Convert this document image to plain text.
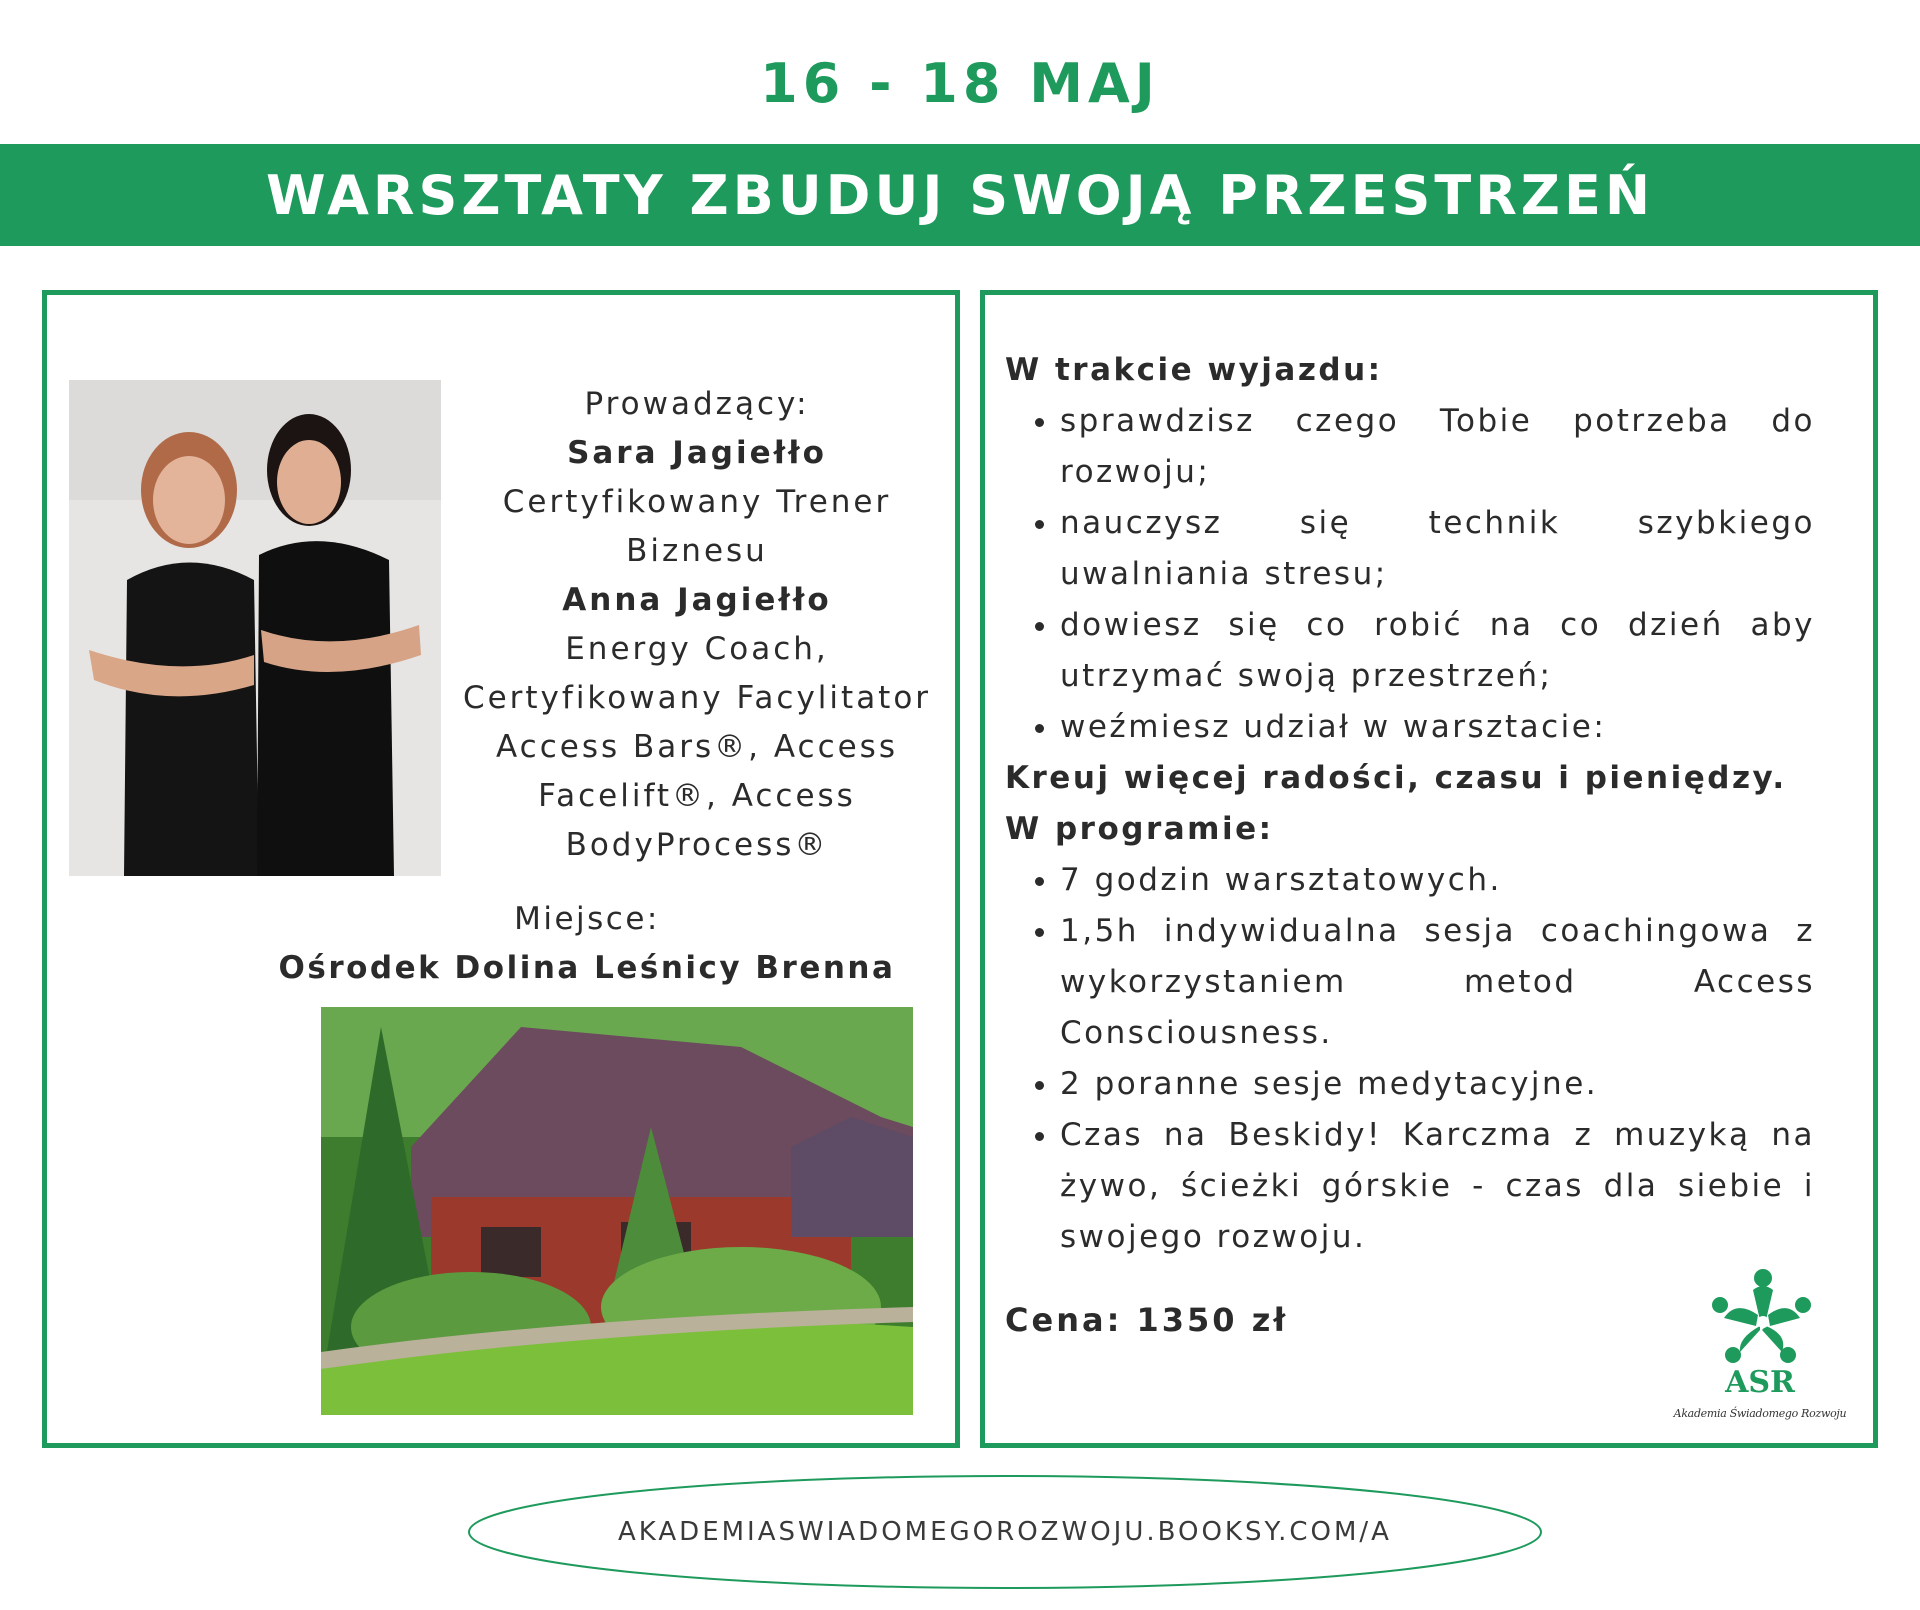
16 - 18 MAJ
WARSZTATY ZBUDUJ SWOJĄ PRZESTRZEŃ
Prowadzący:
Sara Jagiełło
Certyfikowany Trener Biznesu
Anna Jagiełło
Energy Coach, Certyfikowany Facylitator Access Bars®, Access Facelift®, Access BodyProcess®
Miejsce:
Ośrodek Dolina Leśnicy Brenna
W trakcie wyjazdu:
• sprawdzisz czego Tobie potrzeba do rozwoju;
• nauczysz się technik szybkiego uwalniania stresu;
• dowiesz się co robić na co dzień aby utrzymać swoją przestrzeń;
• weźmiesz udział w warsztacie:
Kreuj więcej radości, czasu i pieniędzy.
W programie:
• 7 godzin warsztatowych.
• 1,5h indywidualna sesja coachingowa z wykorzystaniem metod Access Consciousness.
• 2 poranne sesje medytacyjne.
• Czas na Beskidy! Karczma z muzyką na żywo, ścieżki górskie - czas dla siebie i swojego rozwoju.
Cena: 1350 zł
ASR
Akademia Świadomego Rozwoju
AKADEMIASWIADOMEGOROZWOJU.BOOKSY.COM/A
